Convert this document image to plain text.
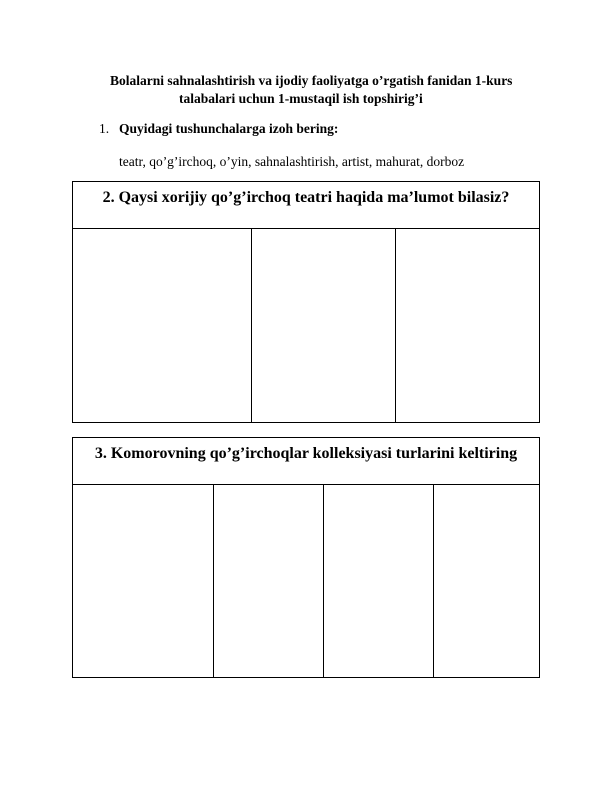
Bolalarni sahnalashtirish va ijodiy faoliyatga o’rgatish fanidan 1-kurs
talabalari uchun 1-mustaqil ish topshirig’i
1. Quyidagi tushunchalarga izoh bering:
teatr, qo’g’irchoq, o’yin, sahnalashtirish, artist, mahurat, dorboz
2. Qaysi xorijiy qo’g’irchoq teatri haqida ma’lumot bilasiz?

3. Komorovning qo’g’irchoqlar kolleksiyasi turlarini keltiring
